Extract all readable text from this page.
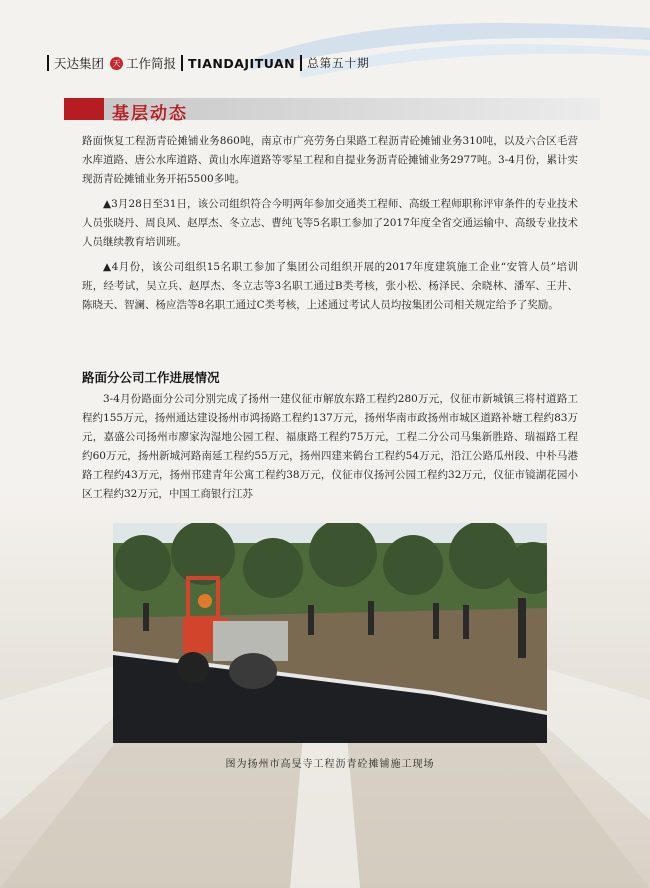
天达集团	天 工作简报 TIANDAJITUAN 总第五十期
基层动态

路面恢复工程沥青砼摊铺业务860吨，南京市广亮劳务白果路工程沥青砼摊铺业务310吨，以及六合区毛营水库道路、唐公水库道路、黄山水库道路等零星工程和自提业务沥青砼摊铺业务2977吨。3-4月份，累计实现沥青砼摊铺业务开拓5500多吨。

▲3月28日至31日，该公司组织符合今明两年参加交通类工程师、高级工程师职称评审条件的专业技术人员张晓丹、周良风、赵厚杰、冬立志、曹纯飞等5名职工参加了2017年度全省交通运输中、高级专业技术人员继续教育培训班。

▲4月份，该公司组织15名职工参加了集团公司组织开展的2017年度建筑施工企业“安管人员”培训班，经考试，吴立兵、赵厚杰、冬立志等3名职工通过B类考核，张小松、杨泽民、余晓林、潘军、王井、陈晓天、智澜、杨应浩等8名职工通过C类考核，上述通过考试人员均按集团公司相关规定给予了奖励。

路面分公司工作进展情况

3-4月份路面分公司分别完成了扬州一建仪征市解放东路工程约280万元，仪征市新城镇三将村道路工程约155万元，扬州通达建设扬州市鸿扬路工程约137万元，扬州华南市政扬州市城区道路补塘工程约83万元，嘉盛公司扬州市廖家沟湿地公园工程、福康路工程约75万元，工程二分公司马集新胜路、瑞福路工程约60万元，扬州新城河路南延工程约55万元，扬州四建来鹤台工程约54万元，沿江公路瓜州段、中朴马港路工程约43万元，扬州邗建青年公寓工程约38万元，仪征市仪扬河公园工程约32万元，仪征市镜湖花园小区工程约32万元，中国工商银行江苏

图为扬州市高旻寺工程沥青砼摊铺施工现场
